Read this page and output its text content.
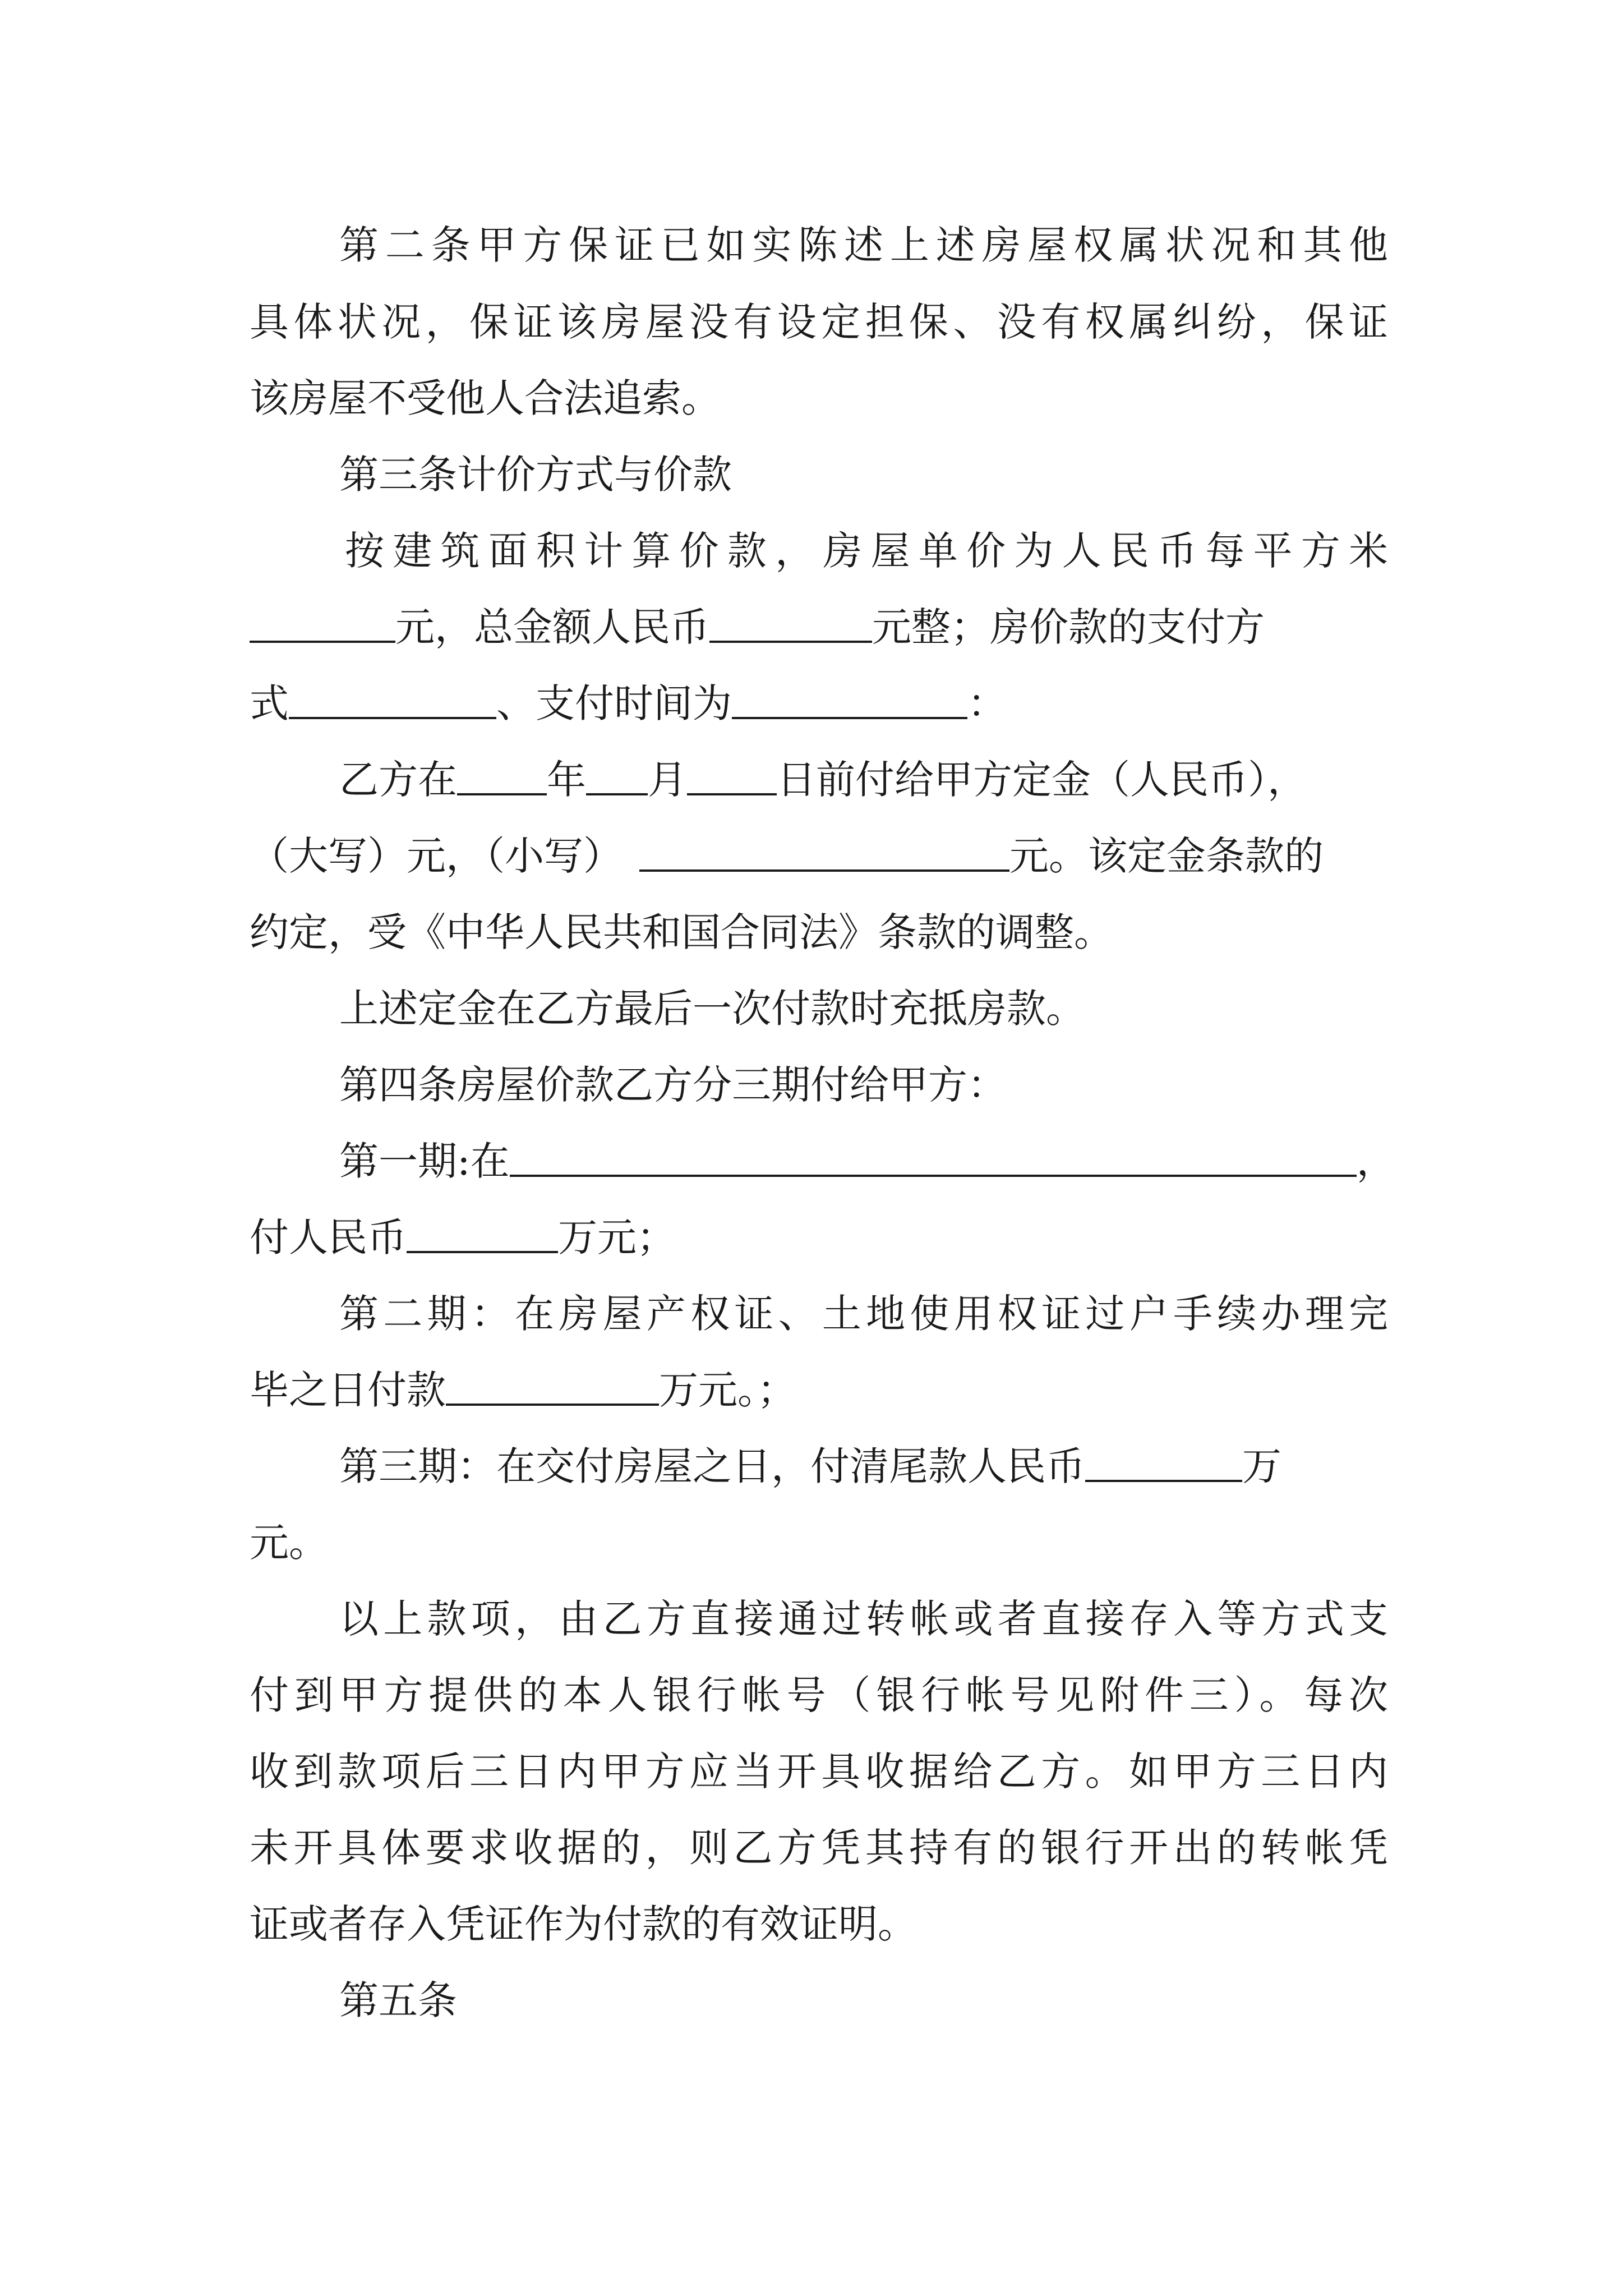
第二条甲方保证已如实陈述上述房屋权属状况和其他
具体状况，保证该房屋没有设定担保、没有权属纠纷，保证
该房屋不受他人合法追索。
第三条计价方式与价款
按建筑面积计算价款，房屋单价为人民币每平方米
元，总金额人民币	元整；房价款的支付方
式	、支付时间为	：
乙方在 年 月 日前付给甲方定金（人民币），
（大写）元，（小写）	元。该定金条款的
约定，受《中华人民共和国合同法》条款的调整。
上述定金在乙方最后一次付款时充抵房款。
第四条房屋价款乙方分三期付给甲方：
第一期:在	，
付人民币	万元；
第二期：在房屋产权证、土地使用权证过户手续办理完
毕之日付款	万元。；
第三期：在交付房屋之日，付清尾款人民币	万
元。
以上款项，由乙方直接通过转帐或者直接存入等方式支
付到甲方提供的本人银行帐号（银行帐号见附件三）。每次
收到款项后三日内甲方应当开具收据给乙方。如甲方三日内
未开具体要求收据的，则乙方凭其持有的银行开出的转帐凭
证或者存入凭证作为付款的有效证明。
第五条
